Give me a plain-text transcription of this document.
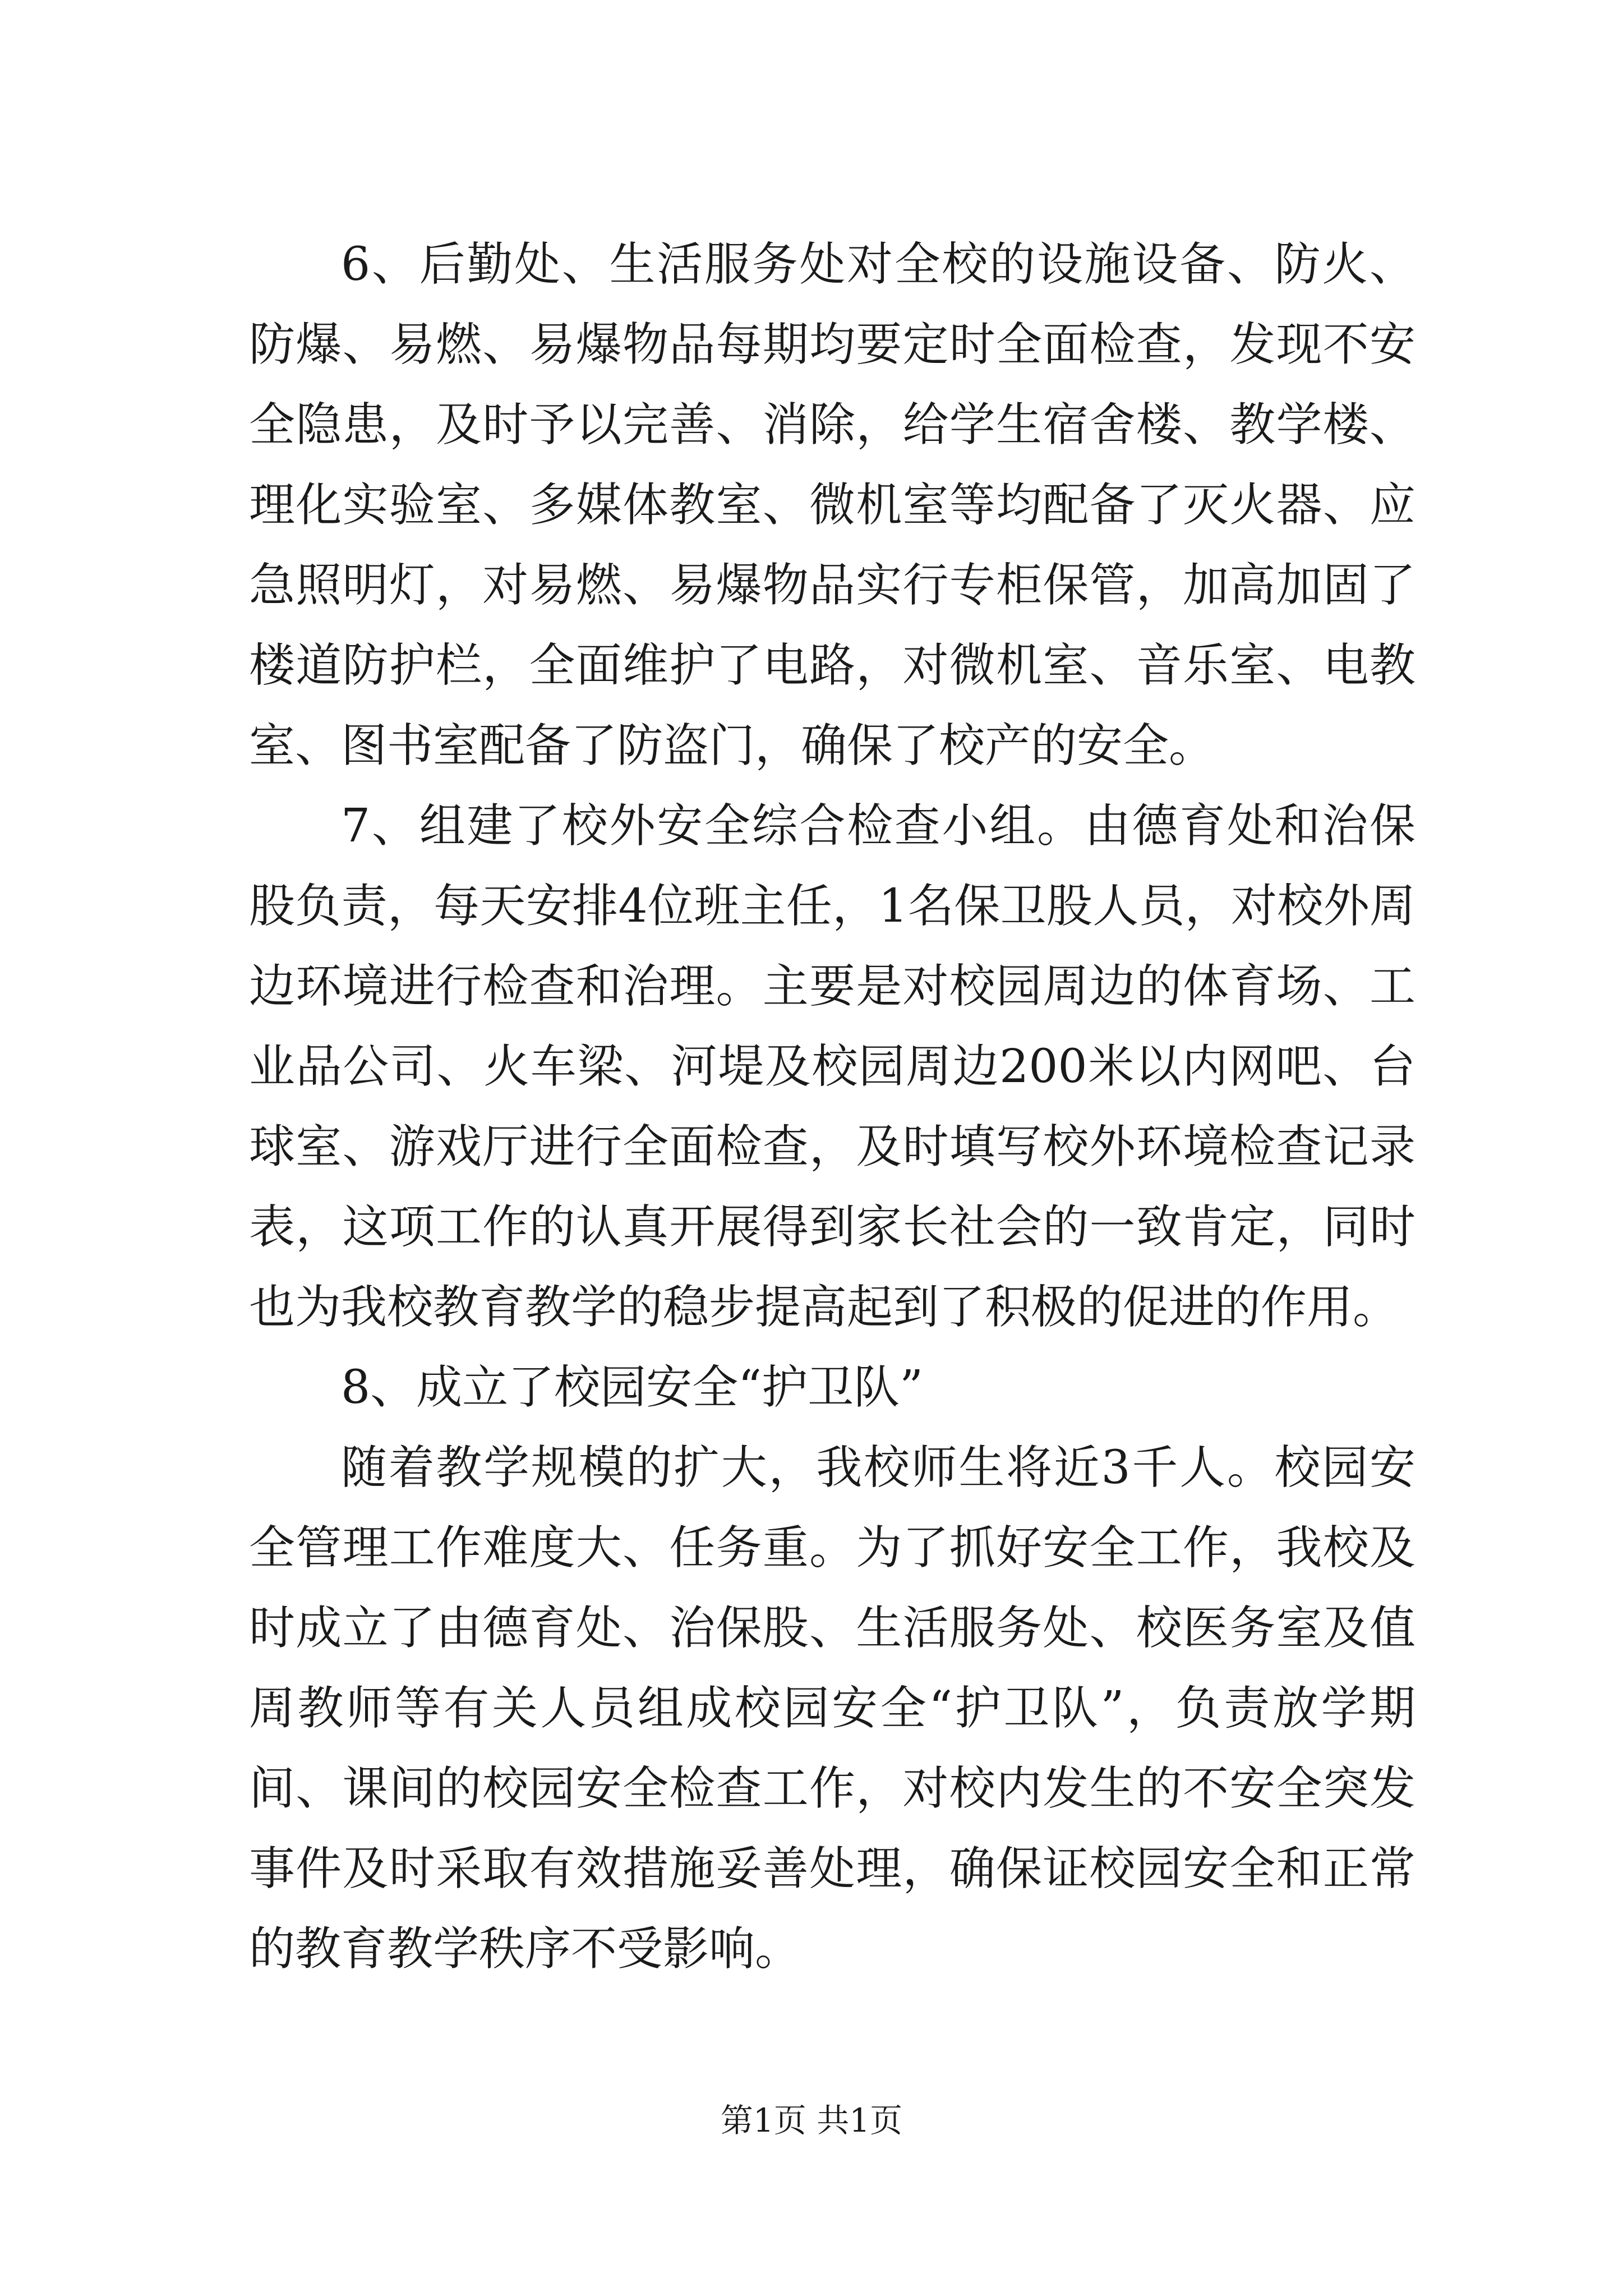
6、后勤处、生活服务处对全校的设施设备、防火、防爆、易燃、易爆物品每期均要定时全面检查，发现不安全隐患，及时予以完善、消除，给学生宿舍楼、教学楼、理化实验室、多媒体教室、微机室等均配备了灭火器、应急照明灯，对易燃、易爆物品实行专柜保管，加高加固了楼道防护栏，全面维护了电路，对微机室、音乐室、电教室、图书室配备了防盗门，确保了校产的安全。

7、组建了校外安全综合检查小组。由德育处和治保股负责，每天安排4位班主任，1名保卫股人员，对校外周边环境进行检查和治理。主要是对校园周边的体育场、工业品公司、火车梁、河堤及校园周边200米以内网吧、台球室、游戏厅进行全面检查，及时填写校外环境检查记录表，这项工作的认真开展得到家长社会的一致肯定，同时也为我校教育教学的稳步提高起到了积极的促进的作用。

8、成立了校园安全“护卫队”

随着教学规模的扩大，我校师生将近3千人。校园安全管理工作难度大、任务重。为了抓好安全工作，我校及时成立了由德育处、治保股、生活服务处、校医务室及值周教师等有关人员组成校园安全“护卫队”，负责放学期间、课间的校园安全检查工作，对校内发生的不安全突发事件及时采取有效措施妥善处理，确保证校园安全和正常的教育教学秩序不受影响。

第1页 共1页
